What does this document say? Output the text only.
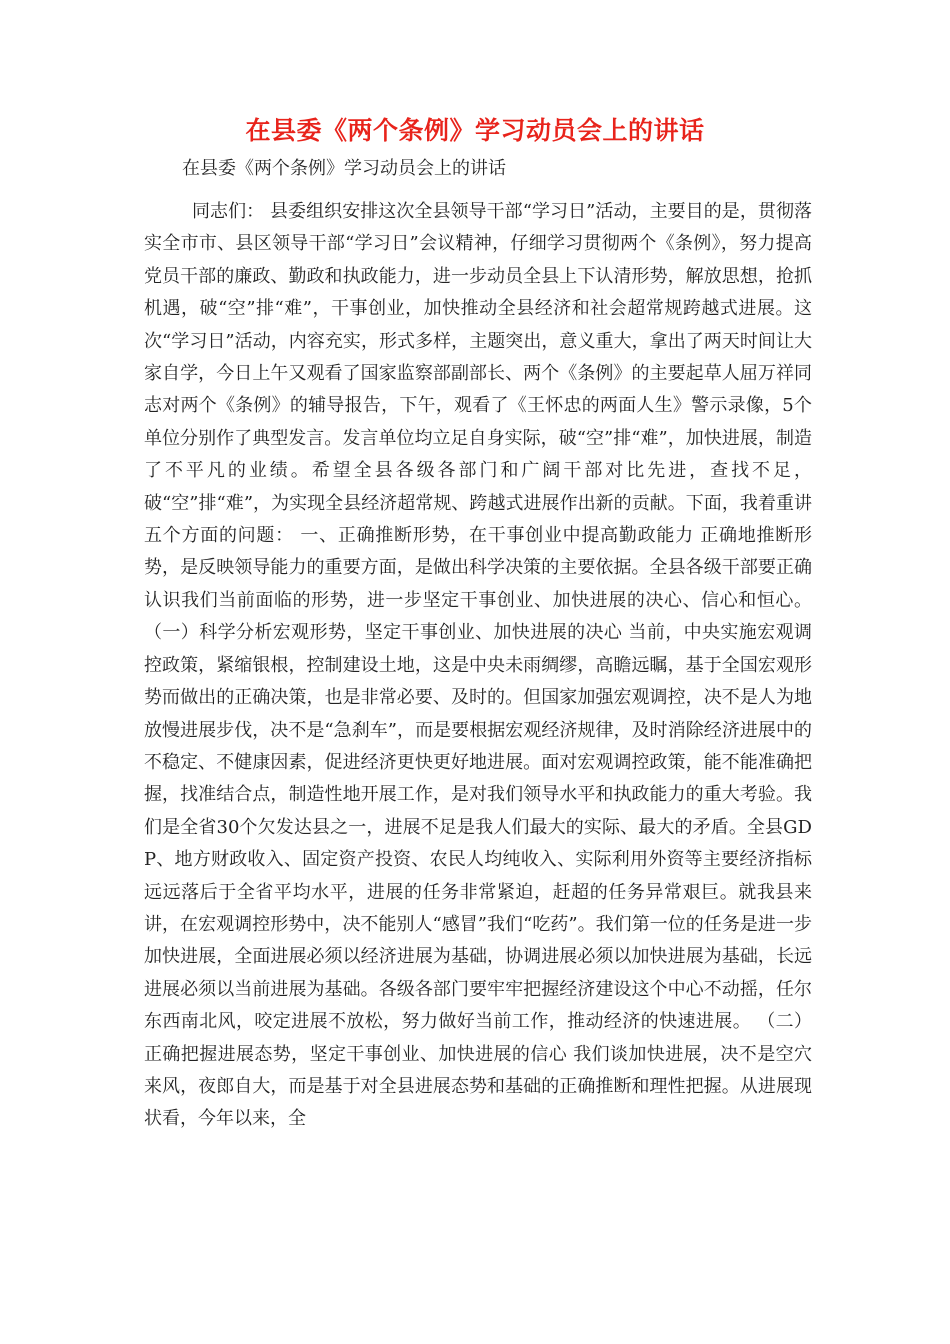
在县委《两个条例》学习动员会上的讲话
在县委《两个条例》学习动员会上的讲话

同志们： 县委组织安排这次全县领导干部“学习日”活动，主要目的是，贯彻落实全市市、县区领导干部“学习日”会议精神，仔细学习贯彻两个《条例》，努力提高党员干部的廉政、勤政和执政能力，进一步动员全县上下认清形势，解放思想，抢抓机遇，破“空”排“难”，干事创业，加快推动全县经济和社会超常规跨越式进展。这次“学习日”活动，内容充实，形式多样，主题突出，意义重大，拿出了两天时间让大家自学，今日上午又观看了国家监察部副部长、两个《条例》的主要起草人屈万祥同志对两个《条例》的辅导报告，下午，观看了《王怀忠的两面人生》警示录像，5个单位分别作了典型发言。发言单位均立足自身实际，破“空”排“难”，加快进展，制造了不平凡的业绩。希望全县各级各部门和广阔干部对比先进，查找不足，破“空”排“难”，为实现全县经济超常规、跨越式进展作出新的贡献。下面，我着重讲五个方面的问题： 一、正确推断形势，在干事创业中提高勤政能力 正确地推断形势，是反映领导能力的重要方面，是做出科学决策的主要依据。全县各级干部要正确认识我们当前面临的形势，进一步坚定干事创业、加快进展的决心、信心和恒心。 （一）科学分析宏观形势，坚定干事创业、加快进展的决心 当前，中央实施宏观调控政策，紧缩银根，控制建设土地，这是中央未雨绸缪，高瞻远瞩，基于全国宏观形势而做出的正确决策，也是非常必要、及时的。但国家加强宏观调控，决不是人为地放慢进展步伐，决不是“急刹车”，而是要根据宏观经济规律，及时消除经济进展中的不稳定、不健康因素，促进经济更快更好地进展。面对宏观调控政策，能不能准确把握，找准结合点，制造性地开展工作，是对我们领导水平和执政能力的重大考验。我们是全省30个欠发达县之一，进展不足是我人们最大的实际、最大的矛盾。全县GDP、地方财政收入、固定资产投资、农民人均纯收入、实际利用外资等主要经济指标远远落后于全省平均水平，进展的任务非常紧迫，赶超的任务异常艰巨。就我县来讲，在宏观调控形势中，决不能别人“感冒”我们“吃药”。我们第一位的任务是进一步加快进展，全面进展必须以经济进展为基础，协调进展必须以加快进展为基础，长远进展必须以当前进展为基础。各级各部门要牢牢把握经济建设这个中心不动摇，任尔东西南北风，咬定进展不放松，努力做好当前工作，推动经济的快速进展。 （二）正确把握进展态势，坚定干事创业、加快进展的信心 我们谈加快进展，决不是空穴来风，夜郎自大，而是基于对全县进展态势和基础的正确推断和理性把握。从进展现状看，今年以来，全
